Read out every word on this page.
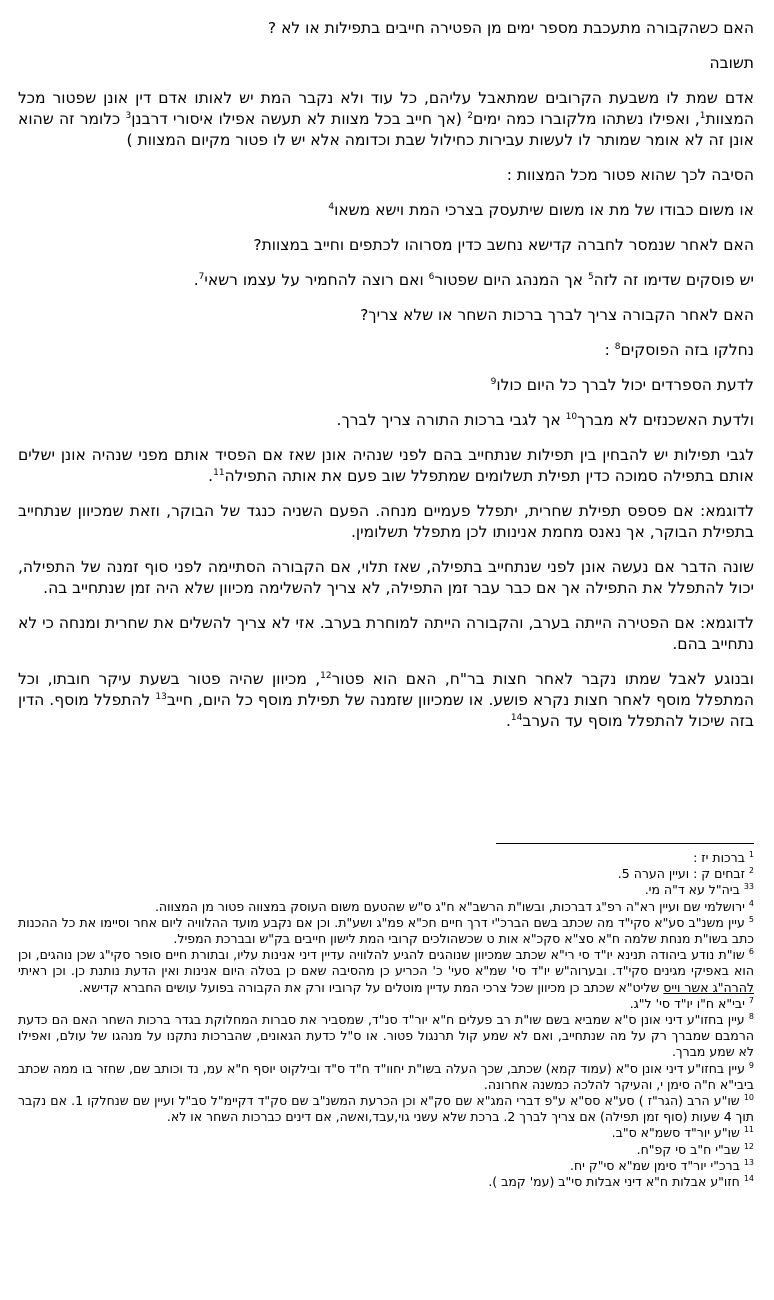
האם כשהקבורה מתעכבת מספר ימים מן הפטירה חייבים בתפילות או לא ?

תשובה

אדם שמת לו משבעת הקרובים שמתאבל עליהם, כל עוד ולא נקבר המת יש לאותו אדם דין אונן שפטור מכל המצוות$^1$, ואפילו נשתהו מלקוברו כמה ימים$^2$ (אך חייב בכל מצוות לא תעשה אפילו איסורי דרבנן$^3$ כלומר זה שהוא אונן זה לא אומר שמותר לו לעשות עבירות כחילול שבת וכדומה אלא יש לו פטור מקיום המצוות )

הסיבה לכך שהוא פטור מכל המצוות :

או משום כבודו של מת או משום שיתעסק בצרכי המת וישא משאו$^4$

האם לאחר שנמסר לחברה קדישא נחשב כדין מסרוהו לכתפים וחייב במצוות?

יש פוסקים שדימו זה לזה$^5$ אך המנהג היום שפטור$^6$ ואם רוצה להחמיר על עצמו רשאי$^7$.

האם לאחר הקבורה צריך לברך ברכות השחר או שלא צריך?

נחלקו בזה הפוסקים$^8$ :

לדעת הספרדים יכול לברך כל היום כולו$^9$

ולדעת האשכנזים לא מברך$^{10}$ אך לגבי ברכות התורה צריך לברך.

לגבי תפילות יש להבחין בין תפילות שנתחייב בהם לפני שנהיה אונן שאז אם הפסיד אותם מפני שנהיה אונן ישלים אותם בתפילה סמוכה כדין תפילת תשלומים שמתפלל שוב פעם את אותה התפילה$^{11}$.

לדוגמא: אם פספס תפילת שחרית, יתפלל פעמיים מנחה. הפעם השניה כנגד של הבוקר, וזאת שמכיוון שנתחייב בתפילת הבוקר, אך נאנס מחמת אנינותו לכן מתפלל תשלומין.

שונה הדבר אם נעשה אונן לפני שנתחייב בתפילה, שאז תלוי, אם הקבורה הסתיימה לפני סוף זמנה של התפילה, יכול להתפלל את התפילה אך אם כבר עבר זמן התפילה, לא צריך להשלימה מכיוון שלא היה זמן שנתחייב בה.

לדוגמא: אם הפטירה הייתה בערב, והקבורה הייתה למוחרת בערב. אזי לא צריך להשלים את שחרית ומנחה כי לא נתחייב בהם.

ובנוגע לאבל שמתו נקבר לאחר חצות בר"ח, האם הוא פטור$^{12}$, מכיוון שהיה פטור בשעת עיקר חובתו, וכל המתפלל מוסף לאחר חצות נקרא פושע. או שמכיוון שזמנה של תפילת מוסף כל היום, חייב$^{13}$ להתפלל מוסף. הדין בזה שיכול להתפלל מוסף עד הערב$^{14}$.

$^1$ ברכות יז :

$^2$ זבחים ק : ועיין הערה 5.

$^{33}$ ביה"ל עא ד"ה מי.

$^4$ ירושלמי שם ועיין רא"ה רפ"ג דברכות, ובשו"ת הרשב"א ח"ג ס"ש שהטעם משום העוסק במצווה פטור מן המצווה.

$^5$ עיין משנ"ב סע"א סקי"ד מה שכתב בשם הברכ"י דרך חיים חכ"א פמ"ג ושע"ת. וכן אם נקבע מועד ההלוויה ליום אחר וסיימו את כל ההכנות כתב בשו"ת מנחת שלמה ח"א סצ"א סקכ"א אות ט שכשהולכים קרובי המת לישון חייבים בק"ש ובברכת המפיל.

$^6$ שו"ת נודע ביהודה תנינא יו"ד סי רי"א שכתב שמכיוון שנוהגים להגיע להלוויה עדיין דיני אנינות עליו, ובתורת חיים סופר סקי"ג שכן נוהגים, וכן הוא באפיקי מגינים סקי"ד. ובערוה"ש יו"ד סי' שמ"א סעי' כ' הכריע כן מהסיבה שאם כן בטלה היום אנינות ואין הדעת נותנת כן. וכן ראיתי להרה"ג אשר וייס שליט"א שכתב כן מכיוון שכל צרכי המת עדיין מוטלים על קרוביו ורק את הקבורה בפועל עושים החברא קדישא.

$^7$ יבי"א ח"ו יו"ד סי' ל"ג.

$^8$ עיין בחזו"ע דיני אונן ס"א שמביא בשם שו"ת רב פעלים ח"א יור"ד סנ"ד, שמסביר את סברות המחלוקת בגדר ברכות השחר האם הם כדעת הרמבם שמברך רק על מה שנתחייב, ואם לא שמע קול תרנגול פטור. או ס"ל כדעת הגאונים, שהברכות נתקנו על מנהגו של עולם, ואפילו לא שמע מברך.

$^9$ עיין בחזו"ע דיני אונן ס"א (עמוד קמא) שכתב, שכך העלה בשו"ת יחוו"ד ח"ד ס"ד ובילקוט יוסף ח"א עמ, נד וכותב שם, שחזר בו ממה שכתב ביבי"א ח"ה סימן י, והעיקר להלכה כמשנה אחרונה.

$^{10}$ שו"ע הרב (הגר"ז ) סע"א סס"א ע"פ דברי המג"א שם סק"א וכן הכרעת המשנ"ב שם סק"ד דקיימ"ל סב"ל ועיין שם שנחלקו 1. אם נקבר תוך 4 שעות (סוף זמן תפילה) אם צריך לברך 2. ברכת שלא עשני גוי,עבד,ואשה, אם דינים כברכות השחר או לא.

$^{11}$ שו"ע יור"ד סשמ"א ס"ב.

$^{12}$ שב"י ח"ב סי קפ"ח.

$^{13}$ ברכ"י יור"ד סימן שמ"א סי"ק יח.

$^{14}$ חזו"ע אבלות ח"א דיני אבלות סי"ב (עמ' קמב ).
